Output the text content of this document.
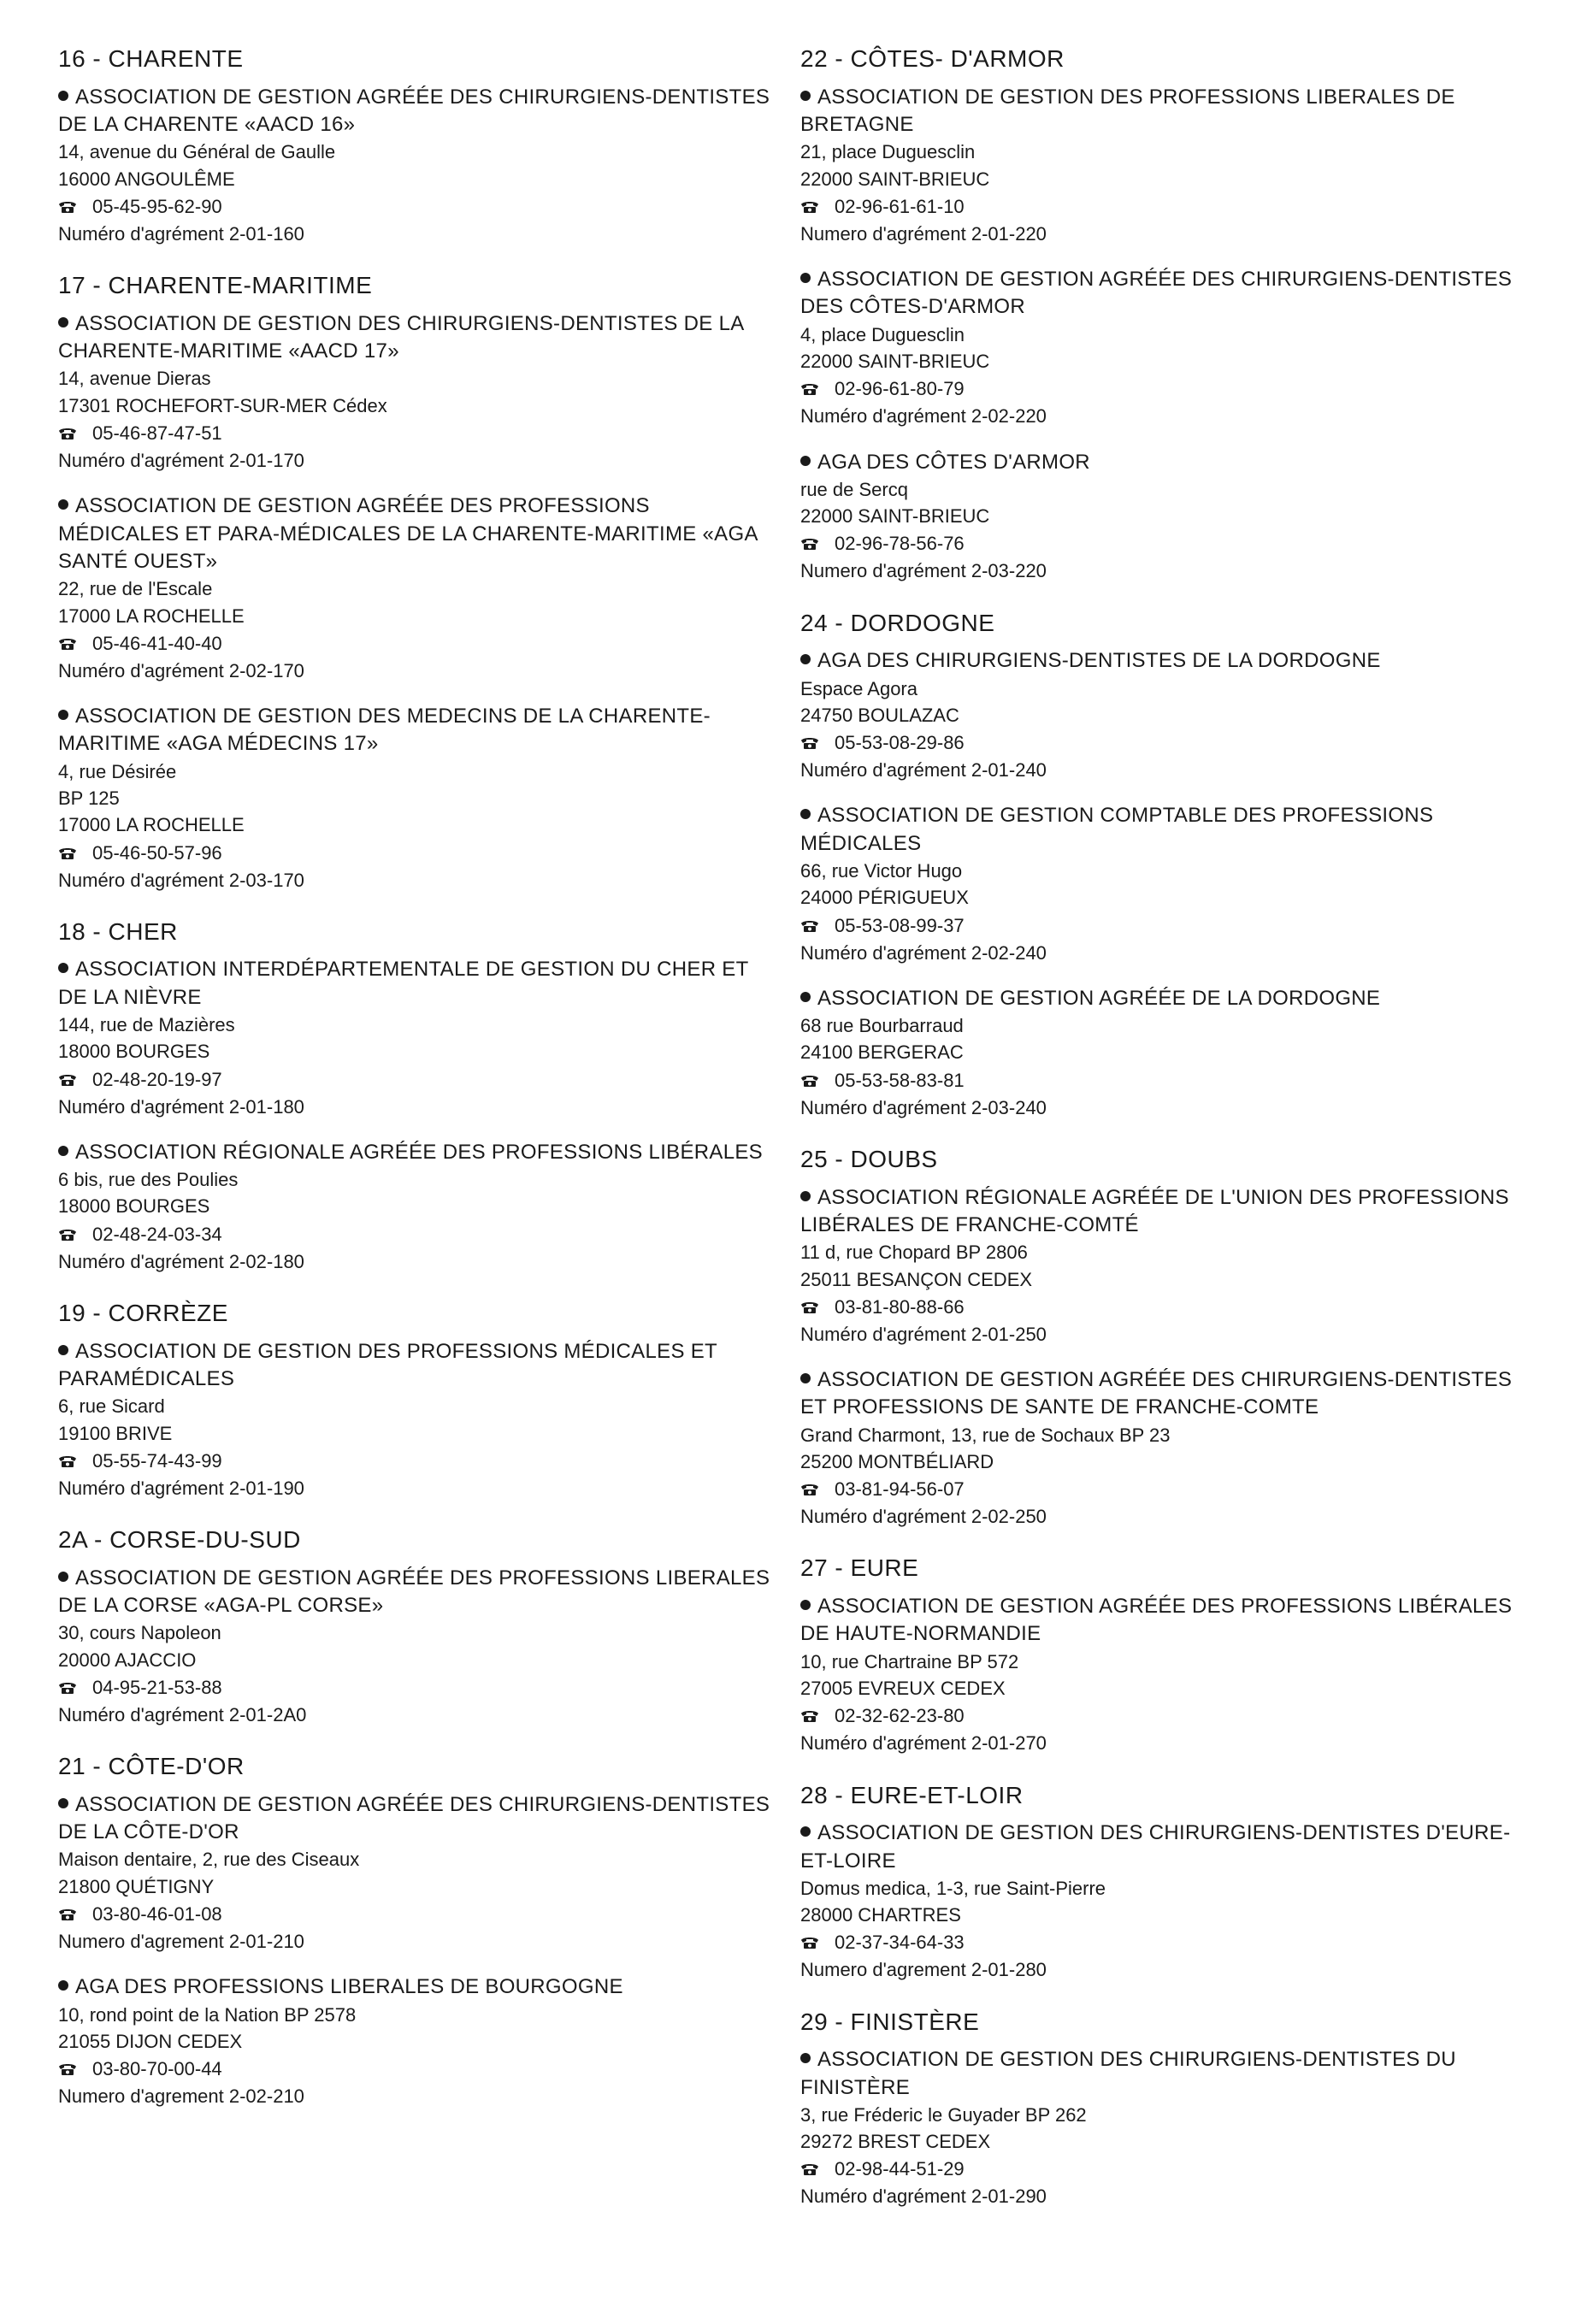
16 - CHARENTE

ASSOCIATION DE GESTION AGRÉÉE DES CHIRURGIENS-DENTISTES DE LA CHARENTE «AACD 16»

14, avenue du Général de Gaulle

16000 ANGOULÊME

05-45-95-62-90

Numéro d'agrément 2-01-160

17 - CHARENTE-MARITIME

ASSOCIATION DE GESTION DES CHIRURGIENS-DENTISTES DE LA CHARENTE-MARITIME «AACD 17»

14, avenue Dieras

17301 ROCHEFORT-SUR-MER Cédex

05-46-87-47-51

Numéro d'agrément 2-01-170

ASSOCIATION DE GESTION AGRÉÉE DES PROFESSIONS MÉDICALES ET PARA-MÉDICALES DE LA CHARENTE-MARITIME «AGA SANTÉ OUEST»

22, rue de l'Escale

17000 LA ROCHELLE

05-46-41-40-40

Numéro d'agrément 2-02-170

ASSOCIATION DE GESTION DES MEDECINS DE LA CHARENTE-MARITIME «AGA MÉDECINS 17»

4, rue Désirée

BP 125

17000 LA ROCHELLE

05-46-50-57-96

Numéro d'agrément 2-03-170

18 - CHER

ASSOCIATION INTERDÉPARTEMENTALE DE GESTION DU CHER ET DE LA NIÈVRE

144, rue de Mazières

18000 BOURGES

02-48-20-19-97

Numéro d'agrément 2-01-180

ASSOCIATION RÉGIONALE AGRÉÉE DES PROFESSIONS LIBÉRALES

6 bis, rue des Poulies

18000 BOURGES

02-48-24-03-34

Numéro d'agrément 2-02-180

19 - CORRÈZE

ASSOCIATION DE GESTION DES PROFESSIONS MÉDICALES ET PARAMÉDICALES

6, rue Sicard

19100 BRIVE

05-55-74-43-99

Numéro d'agrément 2-01-190

2A - CORSE-DU-SUD

ASSOCIATION DE GESTION AGRÉÉE DES PROFESSIONS LIBERALES DE LA CORSE «AGA-PL CORSE»

30, cours Napoleon

20000 AJACCIO

04-95-21-53-88

Numéro d'agrément 2-01-2A0

21 - CÔTE-D'OR

ASSOCIATION DE GESTION AGRÉÉE DES CHIRURGIENS-DENTISTES DE LA CÔTE-D'OR

Maison dentaire, 2, rue des Ciseaux

21800 QUÉTIGNY

03-80-46-01-08

Numero d'agrement 2-01-210

AGA DES PROFESSIONS LIBERALES DE BOURGOGNE

10, rond point de la Nation BP 2578

21055 DIJON CEDEX

03-80-70-00-44

Numero d'agrement 2-02-210

22 - CÔTES- D'ARMOR

ASSOCIATION DE GESTION DES PROFESSIONS LIBERALES DE BRETAGNE

21, place Duguesclin

22000 SAINT-BRIEUC

02-96-61-61-10

Numero d'agrément 2-01-220

ASSOCIATION DE GESTION AGRÉÉE DES CHIRURGIENS-DENTISTES DES CÔTES-D'ARMOR

4, place Duguesclin

22000 SAINT-BRIEUC

02-96-61-80-79

Numéro d'agrément 2-02-220

AGA DES CÔTES D'ARMOR

rue de Sercq

22000 SAINT-BRIEUC

02-96-78-56-76

Numero d'agrément 2-03-220

24 - DORDOGNE

AGA DES CHIRURGIENS-DENTISTES DE LA DORDOGNE

Espace Agora

24750 BOULAZAC

05-53-08-29-86

Numéro d'agrément 2-01-240

ASSOCIATION DE GESTION COMPTABLE DES PROFESSIONS MÉDICALES

66, rue Victor Hugo

24000 PÉRIGUEUX

05-53-08-99-37

Numéro d'agrément 2-02-240

ASSOCIATION DE GESTION AGRÉÉE DE LA DORDOGNE

68 rue Bourbarraud

24100 BERGERAC

05-53-58-83-81

Numéro d'agrément 2-03-240

25 - DOUBS

ASSOCIATION RÉGIONALE AGRÉÉE DE L'UNION DES PROFESSIONS LIBÉRALES DE FRANCHE-COMTÉ

11 d, rue Chopard BP 2806

25011 BESANÇON CEDEX

03-81-80-88-66

Numéro d'agrément 2-01-250

ASSOCIATION DE GESTION AGRÉÉE DES CHIRURGIENS-DENTISTES ET PROFESSIONS DE SANTE DE FRANCHE-COMTE

Grand Charmont, 13, rue de Sochaux BP 23

25200 MONTBÉLIARD

03-81-94-56-07

Numéro d'agrément 2-02-250

27 - EURE

ASSOCIATION DE GESTION AGRÉÉE DES PROFESSIONS LIBÉRALES DE HAUTE-NORMANDIE

10, rue Chartraine BP 572

27005 EVREUX CEDEX

02-32-62-23-80

Numéro d'agrément 2-01-270

28 - EURE-ET-LOIR

ASSOCIATION DE GESTION DES CHIRURGIENS-DENTISTES D'EURE-ET-LOIRE

Domus medica, 1-3, rue Saint-Pierre

28000 CHARTRES

02-37-34-64-33

Numero d'agrement 2-01-280

29 - FINISTÈRE

ASSOCIATION DE GESTION DES CHIRURGIENS-DENTISTES DU FINISTÈRE

3, rue Fréderic le Guyader BP 262

29272 BREST CEDEX

02-98-44-51-29

Numéro d'agrément 2-01-290
